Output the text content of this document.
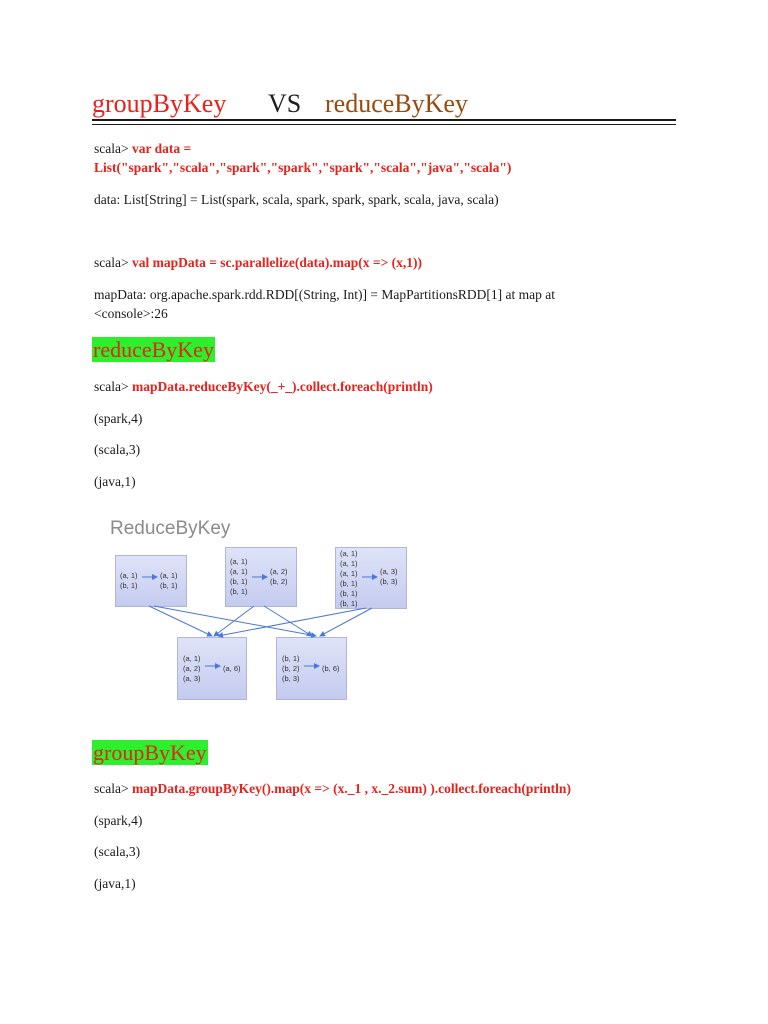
groupByKey VS reduceByKey
scala> var data =
List("spark","scala","spark","spark","spark","scala","java","scala")
data: List[String] = List(spark, scala, spark, spark, spark, scala, java, scala)
scala> val mapData = sc.parallelize(data).map(x => (x,1))
mapData: org.apache.spark.rdd.RDD[(String, Int)] = MapPartitionsRDD[1] at map at
<console>:26
reduceByKey
scala> mapData.reduceByKey(_+_).collect.foreach(println)
(spark,4)
(scala,3)
(java,1)
ReduceByKey
(a, 1)
(b, 1)
(a, 1)
(b, 1)
(a, 1)
(a, 1)
(b, 1)
(b, 1)
(a, 2)
(b, 2)
(a, 1)
(a, 1)
(a, 1)
(b, 1)
(b, 1)
(b, 1)
(a, 3)
(b, 3)
(a, 1)
(a, 2)
(a, 3)
(a, 6)
(b, 1)
(b, 2)
(b, 3)
(b, 6)
groupByKey
scala> mapData.groupByKey().map(x => (x._1 , x._2.sum) ).collect.foreach(println)
(spark,4)
(scala,3)
(java,1)
